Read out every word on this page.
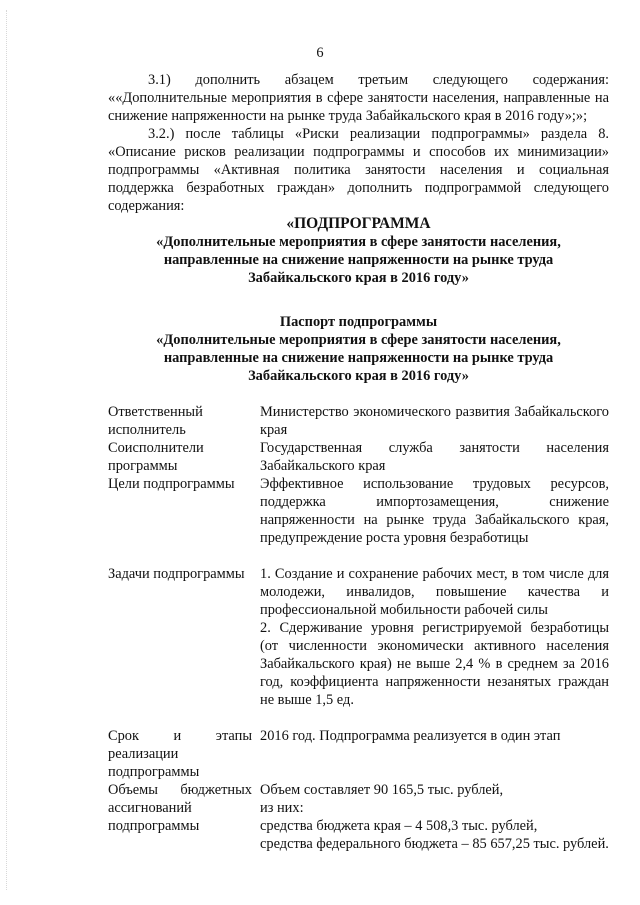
6

3.1) дополнить абзацем третьим следующего содержания: ««Дополнительные мероприятия в сфере занятости населения, направленные на снижение напряженности на рынке труда Забайкальского края в 2016 году»;»;

3.2.) после таблицы «Риски реализации подпрограммы» раздела 8. «Описание рисков реализации подпрограммы и способов их минимизации» подпрограммы «Активная политика занятости населения и социальная поддержка безработных граждан» дополнить подпрограммой следующего содержания:

«ПОДПРОГРАММА

«Дополнительные мероприятия в сфере занятости населения,

направленные на снижение напряженности на рынке труда

Забайкальского края в 2016 году»

Паспорт подпрограммы

«Дополнительные мероприятия в сфере занятости населения,

направленные на снижение напряженности на рынке труда

Забайкальского края в 2016 году»

Ответственный исполнитель
Министерство экономического развития Забайкальского края
Соисполнители программы
Государственная служба занятости населения Забайкальского края
Цели подпрограммы	Эффективное использование трудовых ресурсов, поддержка импортозамещения, снижение напряженности на рынке труда Забайкальского края, предупреждение роста уровня безработицы
Задачи подпрограммы	1. Создание и сохранение рабочих мест, в том числе для молодежи, инвалидов, повышение качества и профессиональной мобильности рабочей силы

2. Сдерживание уровня регистрируемой безработицы (от численности экономически активного населения Забайкальского края) не выше 2,4 % в среднем за 2016 год, коэффициента напряженности незанятых граждан не выше 1,5 ед.

Срок и этапы реализации подпрограммы
2016 год. Подпрограмма реализуется в один этап
Объемы бюджетных ассигнований подпрограммы

Объем составляет 90 165,5 тыс. рублей,

из них:

средства бюджета края – 4 508,3 тыс. рублей,

средства федерального бюджета – 85 657,25 тыс. рублей.
